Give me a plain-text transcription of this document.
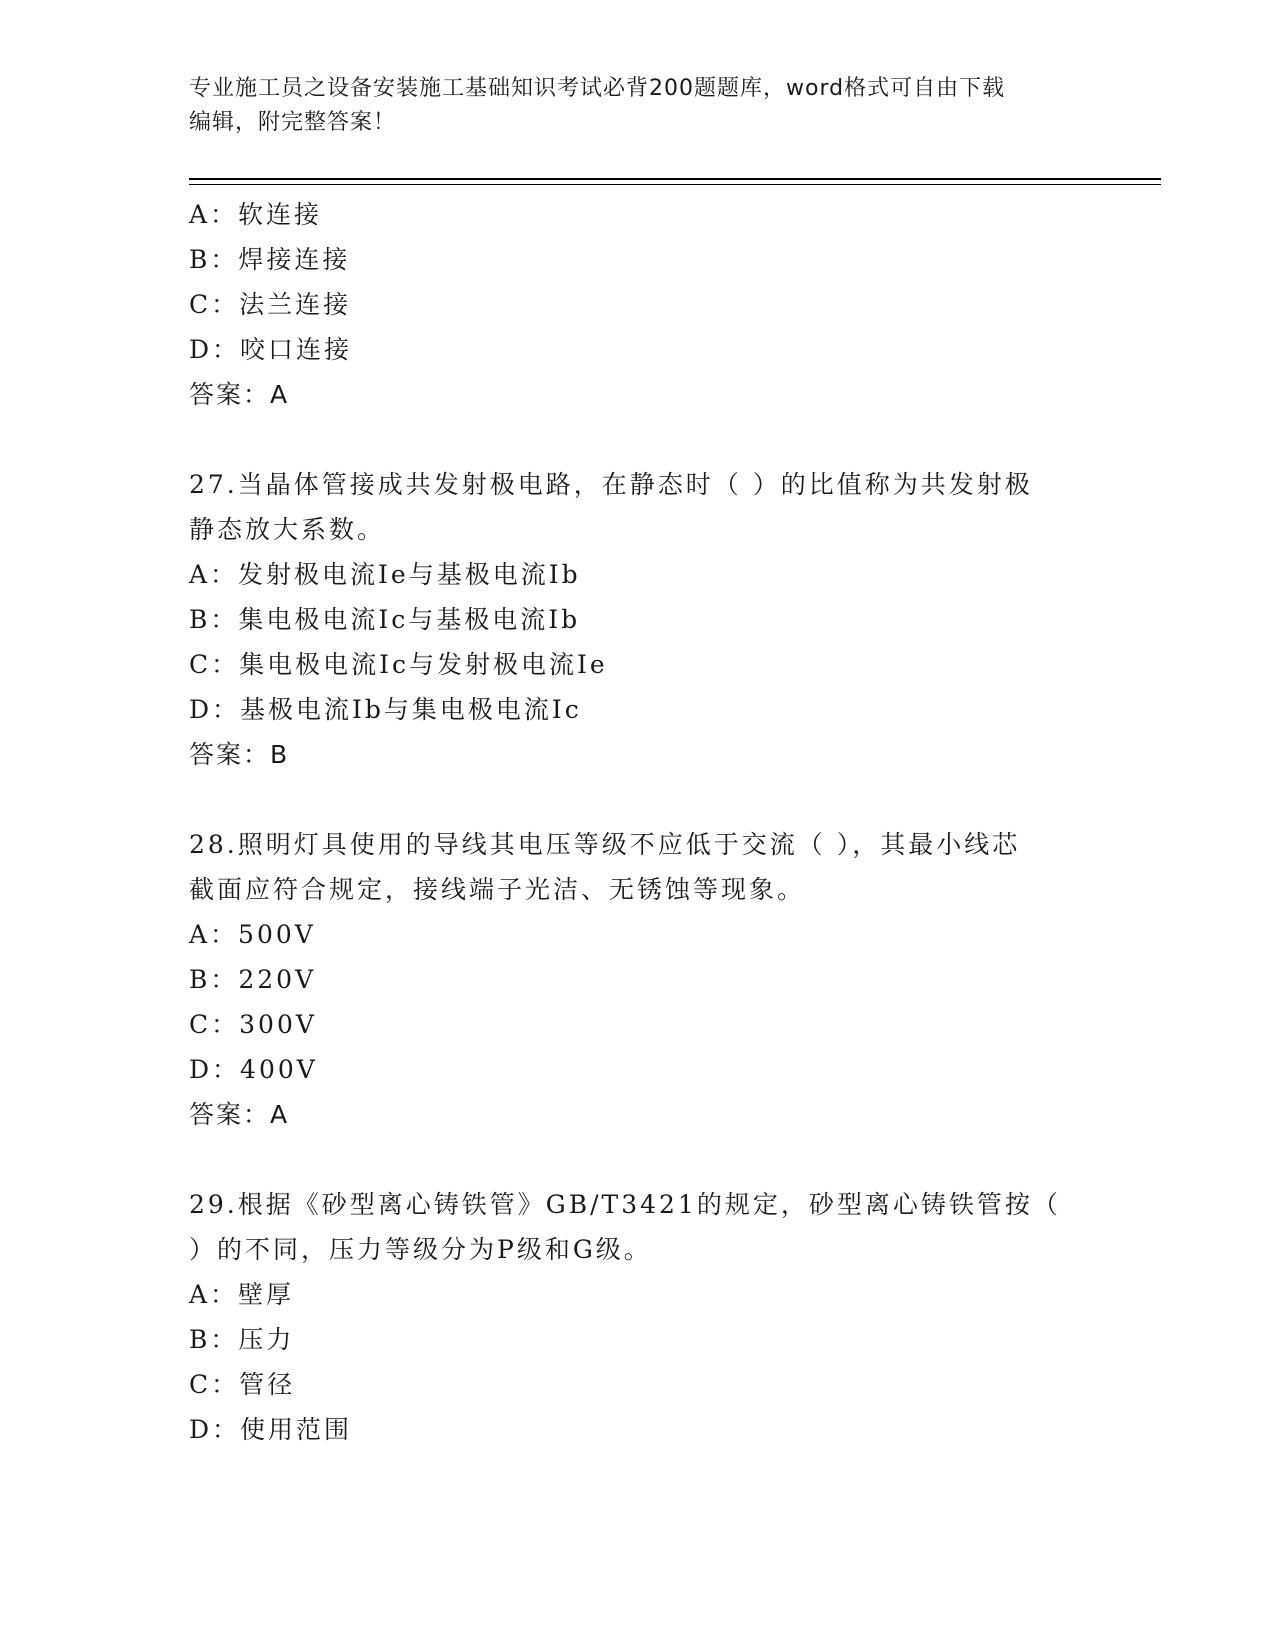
专业施工员之设备安装施工基础知识考试必背200题题库，word格式可自由下载
编辑，附完整答案！
A：软连接
B：焊接连接
C：法兰连接
D：咬口连接
答案：A
27.当晶体管接成共发射极电路，在静态时（ ）的比值称为共发射极
静态放大系数。
A：发射极电流Ie与基极电流Ib
B：集电极电流Ic与基极电流Ib
C：集电极电流Ic与发射极电流Ie
D：基极电流Ib与集电极电流Ic
答案：B
28.照明灯具使用的导线其电压等级不应低于交流（ ），其最小线芯
截面应符合规定，接线端子光洁、无锈蚀等现象。
A：500V
B：220V
C：300V
D：400V
答案：A
29.根据《砂型离心铸铁管》GB/T3421的规定，砂型离心铸铁管按（
）的不同，压力等级分为P级和G级。
A：壁厚
B：压力
C：管径
D：使用范围
